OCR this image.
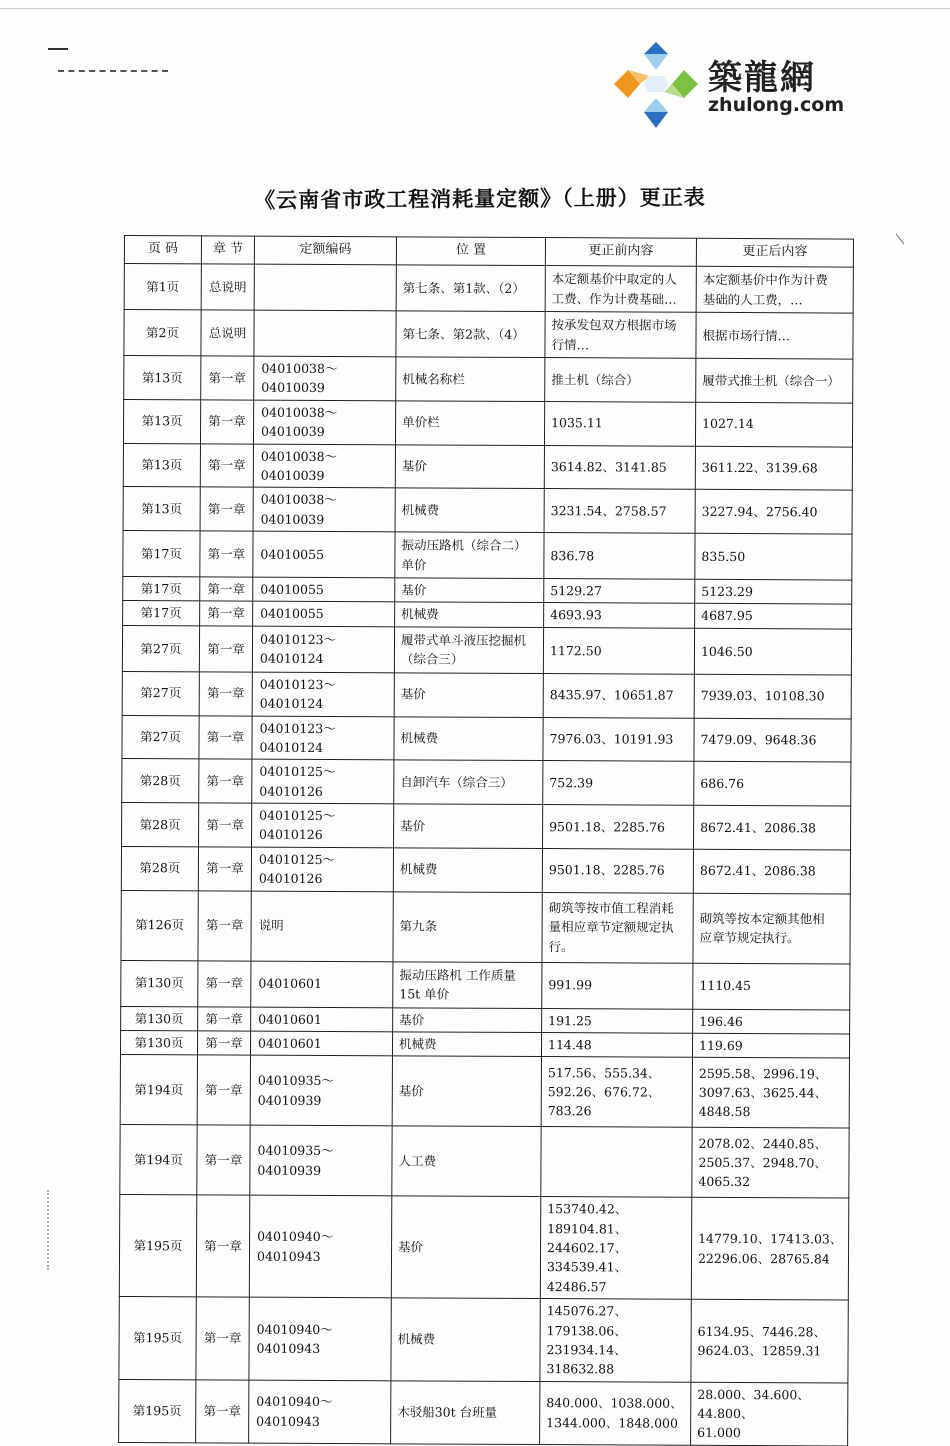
築龍網
zhulong.com
《云南省市政工程消耗量定额》（上册）更正表
页 码	章 节	定额编码	位 置	更正前内容	更正后内容
第1页	总说明		第七条、第1款、（2）	本定额基价中取定的人
工费、作为计费基础…	本定额基价中作为计费
基础的人工费，…
第2页	总说明		第七条、第2款、（4）	按承发包双方根据市场
行情…	根据市场行情…
第13页	第一章	04010038～04010039	机械名称栏	推土机（综合）	履带式推土机（综合一）
第13页	第一章	04010038～04010039	单价栏	1035.11	1027.14
第13页	第一章	04010038～04010039	基价	3614.82、3141.85	3611.22、3139.68
第13页	第一章	04010038～04010039	机械费	3231.54、2758.57	3227.94、2756.40
第17页	第一章	04010055	振动压路机（综合二）
单价	836.78	835.50
第17页	第一章	04010055	基价	5129.27	5123.29
第17页	第一章	04010055	机械费	4693.93	4687.95
第27页	第一章	04010123～04010124	履带式单斗液压挖掘机
（综合三）	1172.50	1046.50
第27页	第一章	04010123～04010124	基价	8435.97、10651.87	7939.03、10108.30
第27页	第一章	04010123～04010124	机械费	7976.03、10191.93	7479.09、9648.36
第28页	第一章	04010125～04010126	自卸汽车（综合三）	752.39	686.76
第28页	第一章	04010125～04010126	基价	9501.18、2285.76	8672.41、2086.38
第28页	第一章	04010125～04010126	机械费	9501.18、2285.76	8672.41、2086.38
第126页	第一章	说明	第九条	砌筑等按市值工程消耗
量相应章节定额规定执
行。	砌筑等按本定额其他相
应章节规定执行。
第130页	第一章	04010601	振动压路机 工作质量
15t 单价	991.99	1110.45
第130页	第一章	04010601	基价	191.25	196.46
第130页	第一章	04010601	机械费	114.48	119.69
第194页	第一章	04010935～04010939	基价	517.56、555.34、
592.26、676.72、783.26	2595.58、2996.19、
3097.63、3625.44、
4848.58
第194页	第一章	04010935～04010939	人工费		2078.02、2440.85、
2505.37、2948.70、
4065.32
第195页	第一章	04010940～04010943	基价	153740.42、189104.81、
244602.17、334539.41、
42486.57	14779.10、17413.03、
22296.06、28765.84
第195页	第一章	04010940～04010943	机械费	145076.27、179138.06、
231934.14、318632.88	6134.95、7446.28、
9624.03、12859.31
第195页	第一章	04010940～04010943	木驳船30t 台班量	840.000、1038.000、
1344.000、1848.000	28.000、34.600、44.800、
61.000
